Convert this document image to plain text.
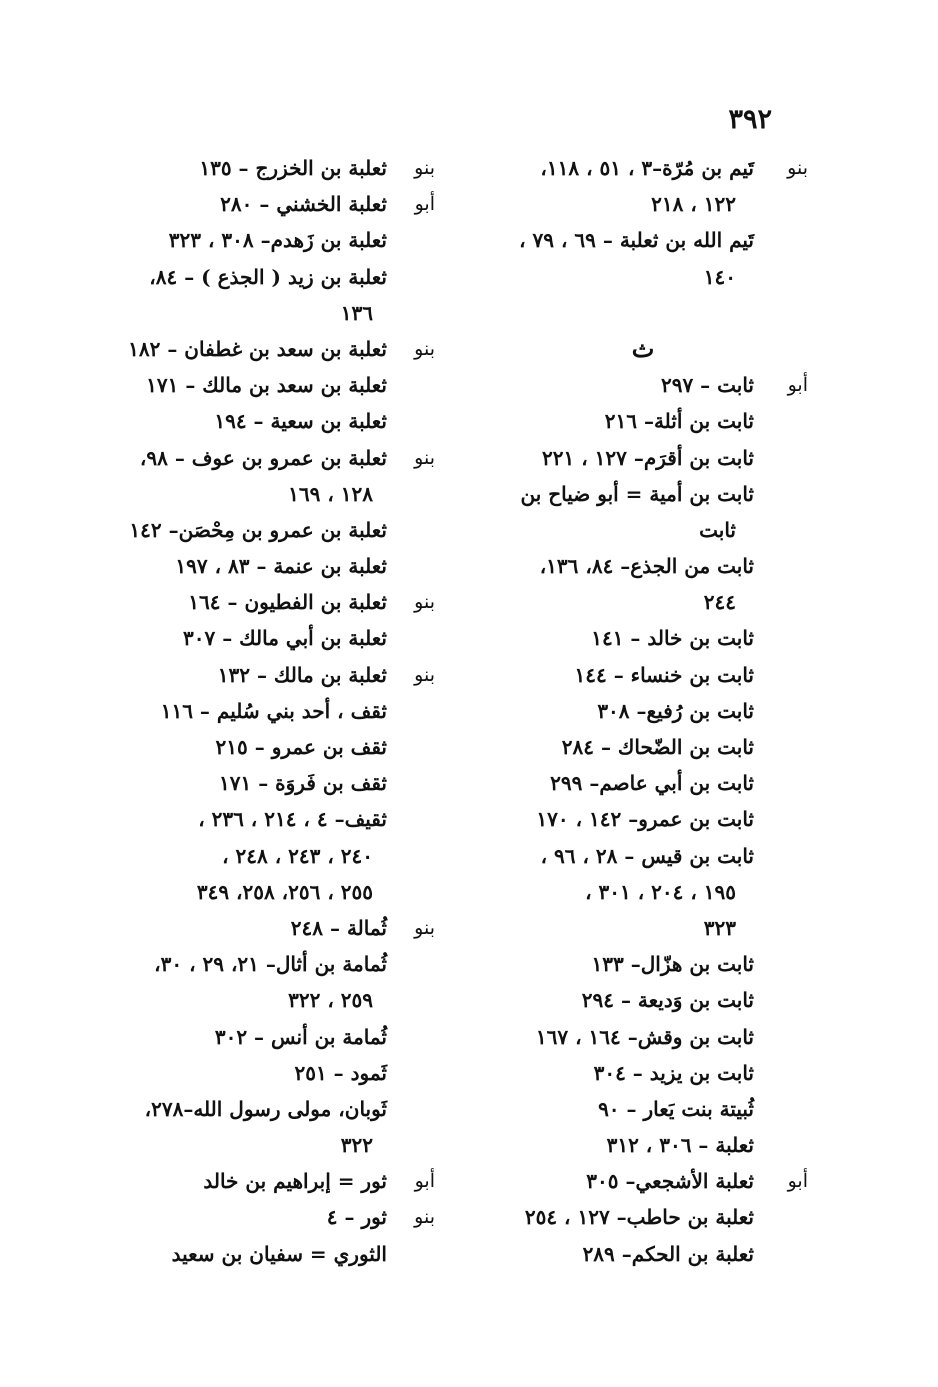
٣٩٢
بنو
تَيم بن مُرّة–٣ ، ٥١ ، ١١٨،
١٢٢ ، ٢١٨
تَيم الله بن ثعلبة – ٦٩ ، ٧٩ ،
١٤٠
ث
أبو
ثابت – ٢٩٧
ثابت بن أثلة– ٢١٦
ثابت بن أقرَم– ١٢٧ ، ٢٢١
ثابت بن أمية = أبو ضياح بن
ثابت
ثابت من الجذع– ٨٤، ١٣٦،
٢٤٤
ثابت بن خالد – ١٤١
ثابت بن خنساء – ١٤٤
ثابت بن رُفيع– ٣٠٨
ثابت بن الضّحاك – ٢٨٤
ثابت بن أبي عاصم– ٢٩٩
ثابت بن عمرو– ١٤٢ ، ١٧٠
ثابت بن قيس – ٢٨ ، ٩٦ ،
١٩٥ ، ٢٠٤ ، ٣٠١ ،
٣٢٣
ثابت بن هزّال– ١٣٣
ثابت بن وَديعة – ٢٩٤
ثابت بن وقش– ١٦٤ ، ١٦٧
ثابت بن يزيد – ٣٠٤
ثُبيتة بنت يَعار – ٩٠
ثعلبة – ٣٠٦ ، ٣١٢
أبو
ثعلبة الأشجعي– ٣٠٥
ثعلبة بن حاطب– ١٢٧ ، ٢٥٤
ثعلبة بن الحكم– ٢٨٩
بنو
ثعلبة بن الخزرج – ١٣٥
أبو
ثعلبة الخشني – ٢٨٠
ثعلبة بن زَهدم– ٣٠٨ ، ٣٢٣
ثعلبة بن زيد ( الجذع ) – ٨٤،
١٣٦
بنو
ثعلبة بن سعد بن غطفان – ١٨٢
ثعلبة بن سعد بن مالك – ١٧١
ثعلبة بن سعية – ١٩٤
بنو
ثعلبة بن عمرو بن عوف – ٩٨،
١٢٨ ، ١٦٩
ثعلبة بن عمرو بن مِحْصَن– ١٤٢
ثعلبة بن عنمة – ٨٣ ، ١٩٧
بنو
ثعلبة بن الفطيون – ١٦٤
ثعلبة بن أبي مالك – ٣٠٧
بنو
ثعلبة بن مالك – ١٣٢
ثقف ، أحد بني سُليم – ١١٦
ثقف بن عمرو – ٢١٥
ثقف بن فَروَة – ١٧١
ثقيف– ٤ ، ٢١٤ ، ٢٣٦ ،
٢٤٠ ، ٢٤٣ ، ٢٤٨ ،
٢٥٥ ، ٢٥٦، ٢٥٨، ٣٤٩
بنو
ثُمالة – ٢٤٨
ثُمامة بن أثال– ٢١، ٢٩ ، ٣٠،
٢٥٩ ، ٣٢٢
ثُمامة بن أنس – ٣٠٢
ثَمود – ٢٥١
ثَوبان، مولى رسول الله–٢٧٨،
٣٢٢
أبو
ثور = إبراهيم بن خالد
بنو
ثور – ٤
الثوري = سفيان بن سعيد
